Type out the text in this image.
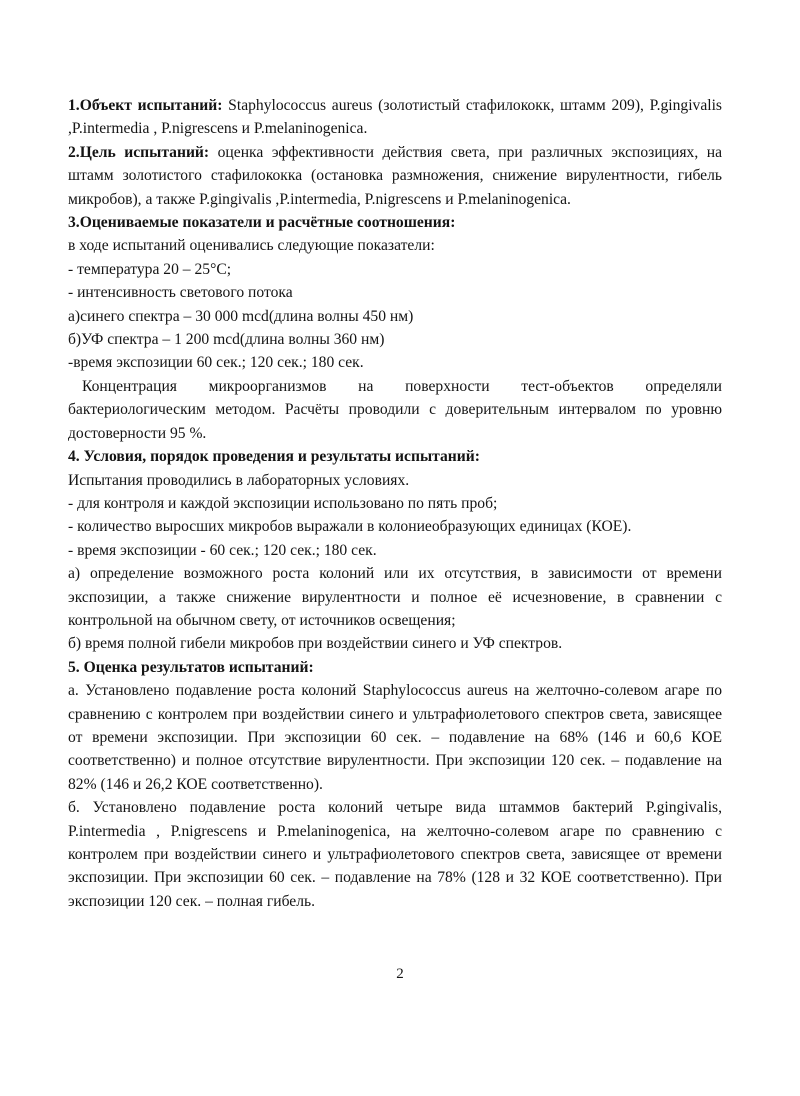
1.Объект испытаний: Staphylococcus aureus (золотистый стафилококк, штамм 209), P.gingivalis ,P.intermedia , P.nigrescens и P.melaninogenica.

2.Цель испытаний: оценка эффективности действия света, при различных экспозициях, на штамм золотистого стафилококка (остановка размножения, снижение вирулентности, гибель микробов), а также P.gingivalis ,P.intermedia, P.nigrescens и P.melaninogenica.

3.Оцениваемые показатели и расчётные соотношения:

в ходе испытаний оценивались следующие показатели:

- температура 20 – 25°С;

- интенсивность светового потока

а)синего спектра – 30 000 mcd(длина волны 450 нм)

б)УФ спектра – 1 200 mcd(длина волны 360 нм)

-время экспозиции 60 сек.; 120 сек.; 180 сек.

Концентрация микроорганизмов на поверхности тест-объектов определяли бактериологическим методом. Расчёты проводили с доверительным интервалом по уровню достоверности 95 %.

4. Условия, порядок проведения и результаты испытаний:

Испытания проводились в лабораторных условиях.

- для контроля и каждой экспозиции использовано по пять проб;

- количество выросших микробов выражали в колониеобразующих единицах (КОЕ).

- время экспозиции - 60 сек.; 120 сек.; 180 сек.

а) определение возможного роста колоний или их отсутствия, в зависимости от времени экспозиции, а также снижение вирулентности и полное её исчезновение, в сравнении с контрольной на обычном свету, от источников освещения;

б) время полной гибели микробов при воздействии синего и УФ спектров.

5. Оценка результатов испытаний:

а. Установлено подавление роста колоний Staphylococcus aureus на желточно-солевом агаре по сравнению с контролем при воздействии синего и ультрафиолетового спектров света, зависящее от времени экспозиции. При экспозиции 60 сек. – подавление на 68% (146 и 60,6 КОЕ соответственно) и полное отсутствие вирулентности. При экспозиции 120 сек. – подавление на 82% (146 и 26,2 КОЕ соответственно).

б. Установлено подавление роста колоний четыре вида штаммов бактерий P.gingivalis, P.intermedia , P.nigrescens и P.melaninogenica, на желточно-солевом агаре по сравнению с контролем при воздействии синего и ультрафиолетового спектров света, зависящее от времени экспозиции. При экспозиции 60 сек. – подавление на 78% (128 и 32 КОЕ соответственно). При экспозиции 120 сек. – полная гибель.

2
